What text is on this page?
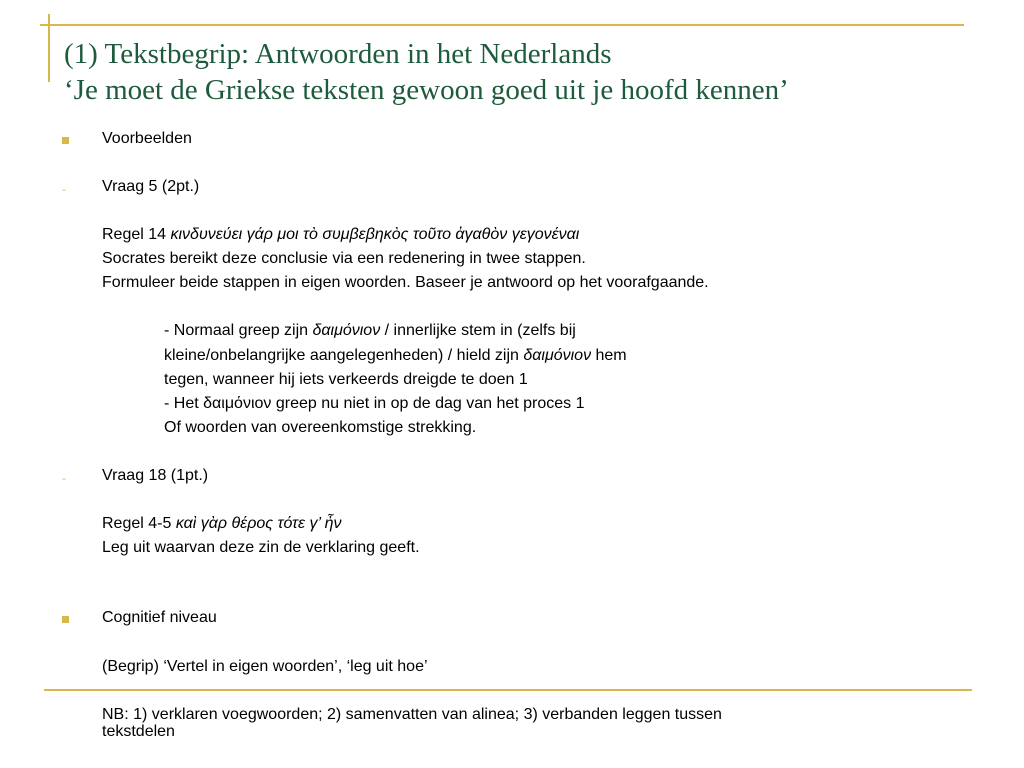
(1) Tekstbegrip: Antwoorden in het Nederlands
‘Je moet de Griekse teksten gewoon goed uit je hoofd kennen’
Voorbeelden
- Vraag 5 (2pt.)
Regel 14 κινδυνεύει γάρ μοι τὸ συμβεβηκὸς τοῦτο ἀγαθὸν γεγονέναι
Socrates bereikt deze conclusie via een redenering in twee stappen.
Formuleer beide stappen in eigen woorden. Baseer je antwoord op het voorafgaande.
- Normaal greep zijn δαιμόνιον / innerlijke stem in (zelfs bij
kleine/onbelangrijke aangelegenheden) / hield zijn δαιμόνιον hem
tegen, wanneer hij iets verkeerds dreigde te doen 1
- Het δαιμόνιον greep nu niet in op de dag van het proces 1
Of woorden van overeenkomstige strekking.
- Vraag 18 (1pt.)
Regel 4-5 καὶ γὰρ θέρος τότε γ’ ἦν
Leg uit waarvan deze zin de verklaring geeft.
Cognitief niveau
(Begrip) ‘Vertel in eigen woorden’, ‘leg uit hoe’
NB: 1) verklaren voegwoorden; 2) samenvatten van alinea; 3) verbanden leggen tussen
tekstdelen
